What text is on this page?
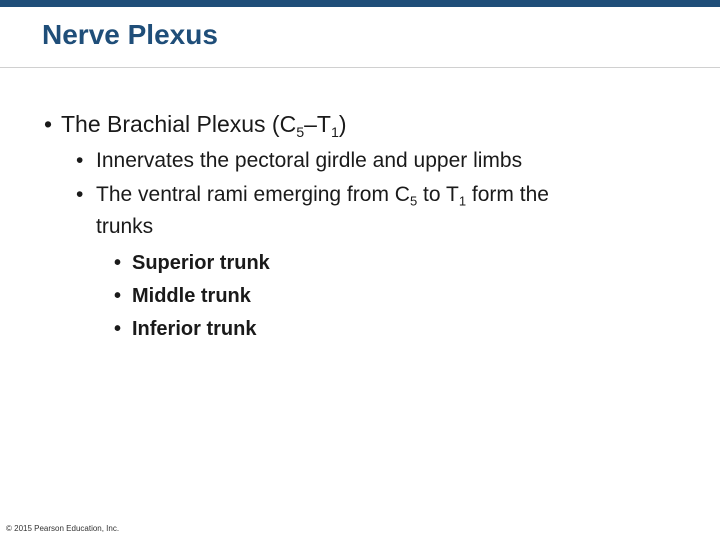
Nerve Plexus
• The Brachial Plexus $(C_5-T_1)$
• Innervates the pectoral girdle and upper limbs
• The ventral rami emerging from $C_5$ to $T_1$ form the
trunks
• Superior trunk
• Middle trunk
• Inferior trunk
© 2015 Pearson Education, Inc.
